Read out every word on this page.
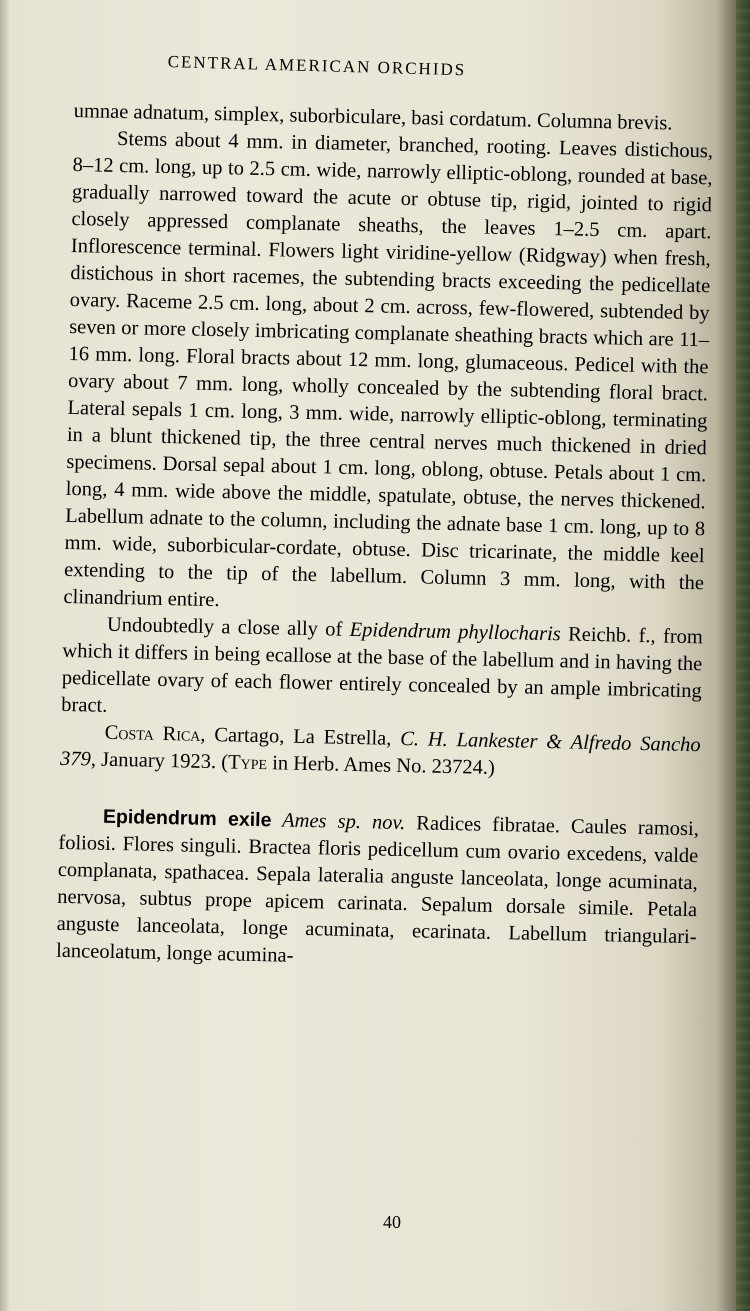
CENTRAL AMERICAN ORCHIDS

umnae adnatum, simplex, suborbiculare, basi cordatum. Columna brevis.

Stems about 4 mm. in diameter, branched, rooting. Leaves distichous, 8–12 cm. long, up to 2.5 cm. wide, narrowly elliptic-oblong, rounded at base, gradually narrowed toward the acute or obtuse tip, rigid, jointed to rigid closely appressed complanate sheaths, the leaves 1–2.5 cm. apart. Inflorescence terminal. Flowers light viridine-yellow (Ridgway) when fresh, distichous in short racemes, the subtending bracts exceeding the pedicellate ovary. Raceme 2.5 cm. long, about 2 cm. across, few-flowered, subtended by seven or more closely imbricating complanate sheathing bracts which are 11–16 mm. long. Floral bracts about 12 mm. long, glumaceous. Pedicel with the ovary about 7 mm. long, wholly concealed by the subtending floral bract. Lateral sepals 1 cm. long, 3 mm. wide, narrowly elliptic-oblong, terminating in a blunt thickened tip, the three central nerves much thickened in dried specimens. Dorsal sepal about 1 cm. long, oblong, obtuse. Petals about 1 cm. long, 4 mm. wide above the middle, spatulate, obtuse, the nerves thickened. Labellum adnate to the column, including the adnate base 1 cm. long, up to 8 mm. wide, suborbicular-cordate, obtuse. Disc tricarinate, the middle keel extending to the tip of the labellum. Column 3 mm. long, with the clinandrium entire.

Undoubtedly a close ally of Epidendrum phyllocharis Reichb. f., from which it differs in being ecallose at the base of the labellum and in having the pedicellate ovary of each flower entirely concealed by an ample imbricating bract.

Costa Rica, Cartago, La Estrella, C. H. Lankester & Alfredo Sancho 379, January 1923. (Type in Herb. Ames No. 23724.)

Epidendrum exile Ames sp. nov. Radices fibratae. Caules ramosi, foliosi. Flores singuli. Bractea floris pedicellum cum ovario excedens, valde complanata, spathacea. Sepala lateralia anguste lanceolata, longe acuminata, nervosa, subtus prope apicem carinata. Sepalum dorsale simile. Petala anguste lanceolata, longe acuminata, ecarinata. Labellum triangulari-lanceolatum, longe acumina-

40
